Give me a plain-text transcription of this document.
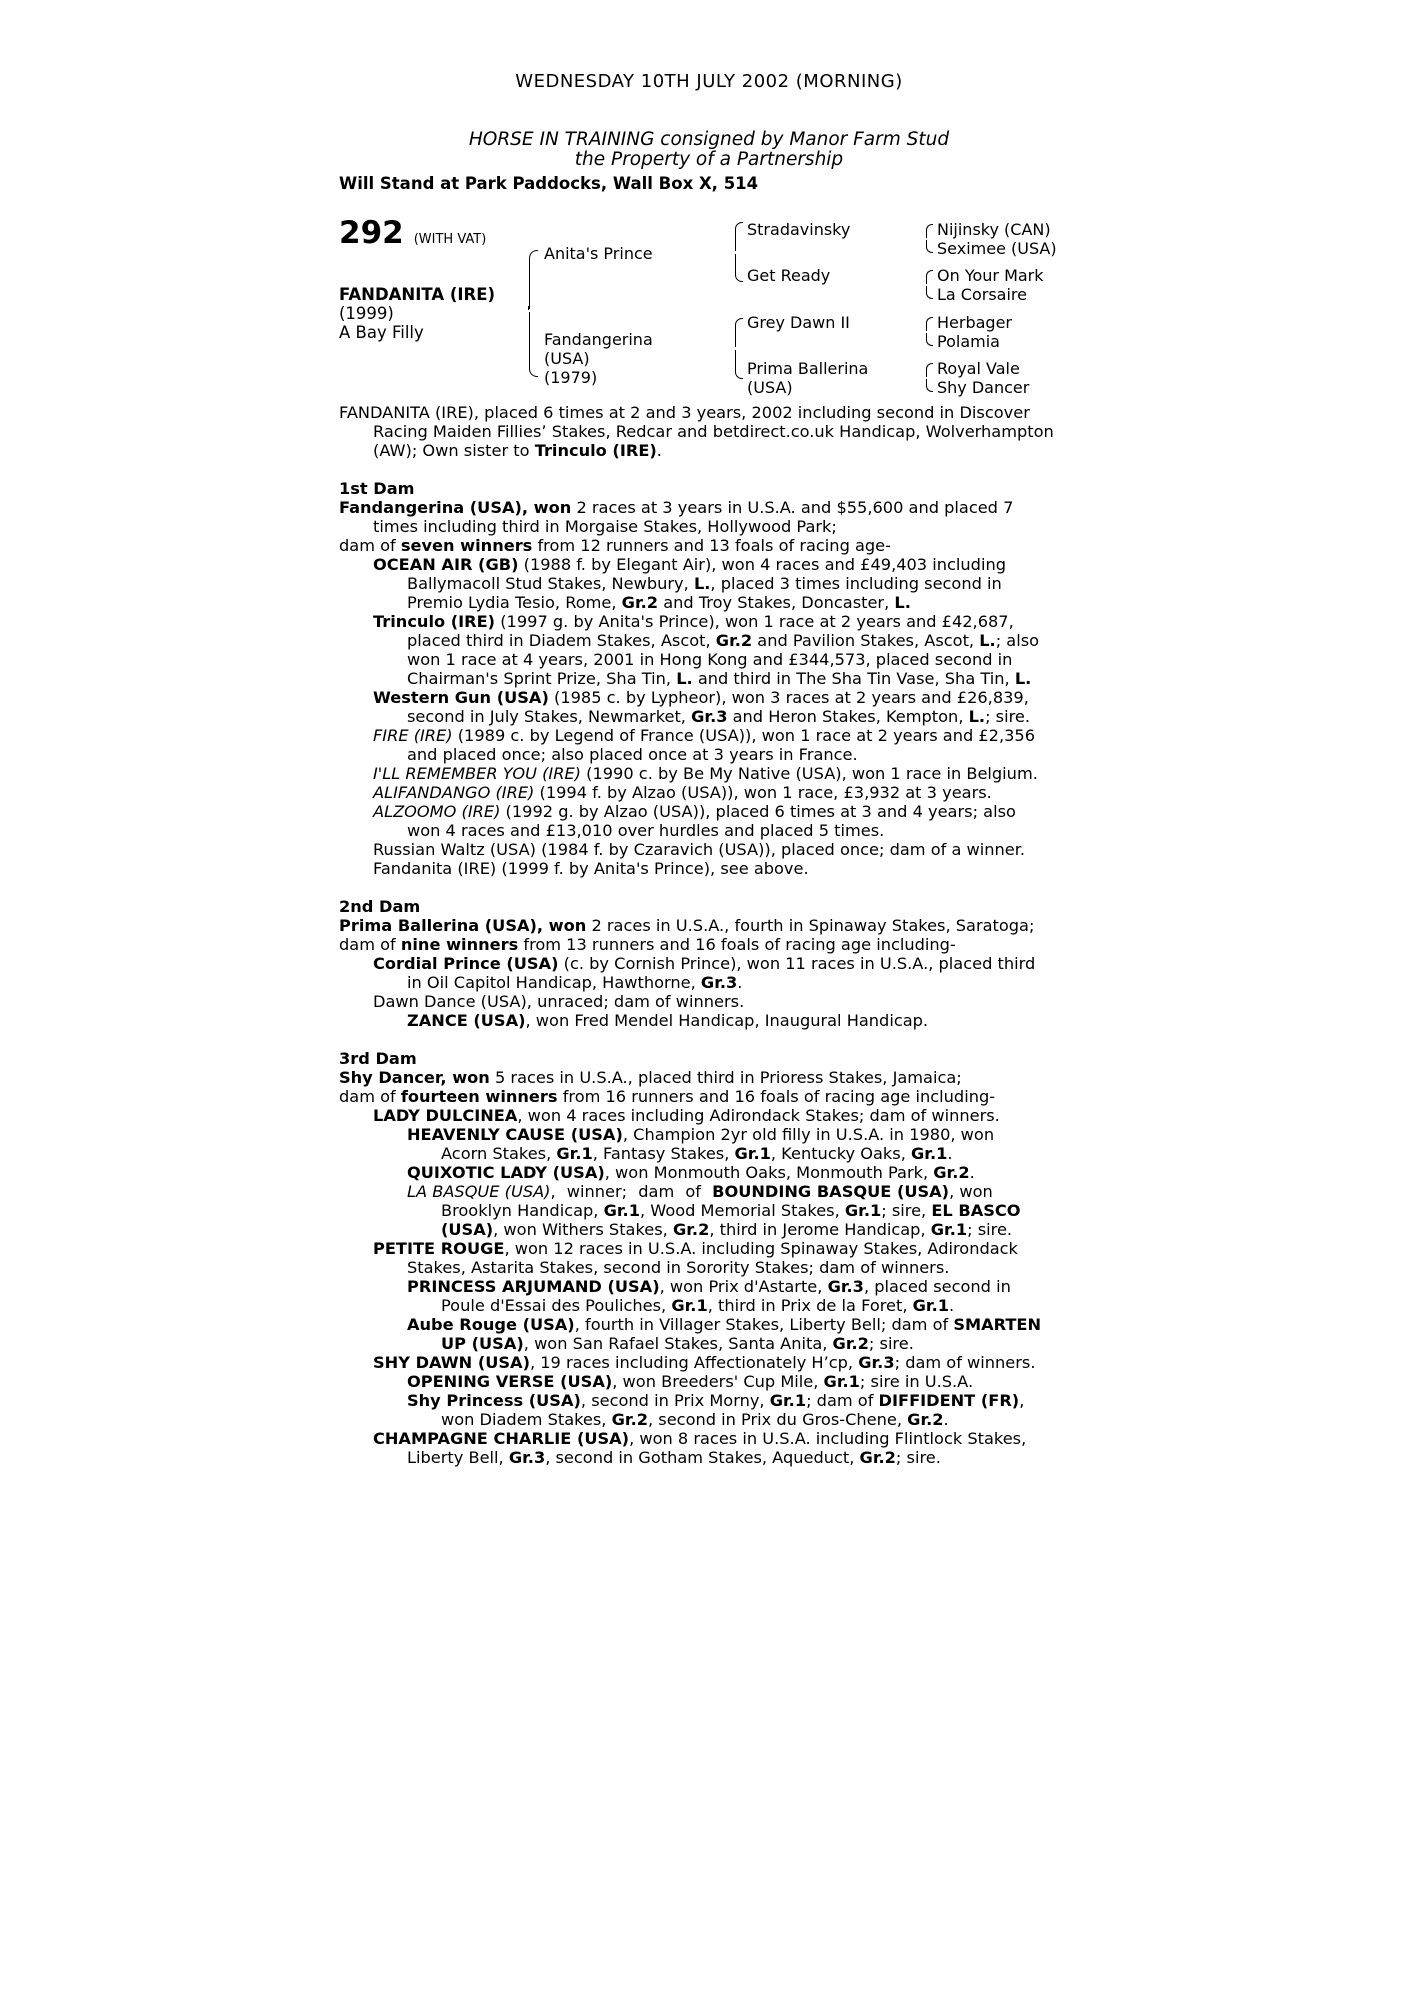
WEDNESDAY 10TH JULY 2002 (MORNING)
HORSE IN TRAINING consigned by Manor Farm Stud
the Property of a Partnership
Will Stand at Park Paddocks, Wall Box X, 514
292 (WITH VAT)
FANDANITA (IRE)
(1999)
A Bay Filly
Anita's Prince
Fandangerina
(USA)
(1979)
Stradavinsky
Get Ready
Grey Dawn II
Prima Ballerina
(USA)
Nijinsky (CAN)
Seximee (USA)
On Your Mark
La Corsaire
Herbager
Polamia
Royal Vale
Shy Dancer
FANDANITA (IRE), placed 6 times at 2 and 3 years, 2002 including second in Discover
Racing Maiden Fillies’ Stakes, Redcar and betdirect.co.uk Handicap, Wolverhampton
(AW); Own sister to Trinculo (IRE).
1st Dam
Fandangerina (USA), won 2 races at 3 years in U.S.A. and $55,600 and placed 7
times including third in Morgaise Stakes, Hollywood Park;
dam of seven winners from 12 runners and 13 foals of racing age-
OCEAN AIR (GB) (1988 f. by Elegant Air), won 4 races and £49,403 including
Ballymacoll Stud Stakes, Newbury, L., placed 3 times including second in
Premio Lydia Tesio, Rome, Gr.2 and Troy Stakes, Doncaster, L.
Trinculo (IRE) (1997 g. by Anita's Prince), won 1 race at 2 years and £42,687,
placed third in Diadem Stakes, Ascot, Gr.2 and Pavilion Stakes, Ascot, L.; also
won 1 race at 4 years, 2001 in Hong Kong and £344,573, placed second in
Chairman's Sprint Prize, Sha Tin, L. and third in The Sha Tin Vase, Sha Tin, L.
Western Gun (USA) (1985 c. by Lypheor), won 3 races at 2 years and £26,839,
second in July Stakes, Newmarket, Gr.3 and Heron Stakes, Kempton, L.; sire.
FIRE (IRE) (1989 c. by Legend of France (USA)), won 1 race at 2 years and £2,356
and placed once; also placed once at 3 years in France.
I'LL REMEMBER YOU (IRE) (1990 c. by Be My Native (USA), won 1 race in Belgium.
ALIFANDANGO (IRE) (1994 f. by Alzao (USA)), won 1 race, £3,932 at 3 years.
ALZOOMO (IRE) (1992 g. by Alzao (USA)), placed 6 times at 3 and 4 years; also
won 4 races and £13,010 over hurdles and placed 5 times.
Russian Waltz (USA) (1984 f. by Czaravich (USA)), placed once; dam of a winner.
Fandanita (IRE) (1999 f. by Anita's Prince), see above.
2nd Dam
Prima Ballerina (USA), won 2 races in U.S.A., fourth in Spinaway Stakes, Saratoga;
dam of nine winners from 13 runners and 16 foals of racing age including-
Cordial Prince (USA) (c. by Cornish Prince), won 11 races in U.S.A., placed third
in Oil Capitol Handicap, Hawthorne, Gr.3.
Dawn Dance (USA), unraced; dam of winners.
ZANCE (USA), won Fred Mendel Handicap, Inaugural Handicap.
3rd Dam
Shy Dancer, won 5 races in U.S.A., placed third in Prioress Stakes, Jamaica;
dam of fourteen winners from 16 runners and 16 foals of racing age including-
LADY DULCINEA, won 4 races including Adirondack Stakes; dam of winners.
HEAVENLY CAUSE (USA), Champion 2yr old filly in U.S.A. in 1980, won
Acorn Stakes, Gr.1, Fantasy Stakes, Gr.1, Kentucky Oaks, Gr.1.
QUIXOTIC LADY (USA), won Monmouth Oaks, Monmouth Park, Gr.2.
LA BASQUE (USA), winner; dam of BOUNDING BASQUE (USA), won
Brooklyn Handicap, Gr.1, Wood Memorial Stakes, Gr.1; sire, EL BASCO
(USA), won Withers Stakes, Gr.2, third in Jerome Handicap, Gr.1; sire.
PETITE ROUGE, won 12 races in U.S.A. including Spinaway Stakes, Adirondack
Stakes, Astarita Stakes, second in Sorority Stakes; dam of winners.
PRINCESS ARJUMAND (USA), won Prix d'Astarte, Gr.3, placed second in
Poule d'Essai des Pouliches, Gr.1, third in Prix de la Foret, Gr.1.
Aube Rouge (USA), fourth in Villager Stakes, Liberty Bell; dam of SMARTEN
UP (USA), won San Rafael Stakes, Santa Anita, Gr.2; sire.
SHY DAWN (USA), 19 races including Affectionately H’cp, Gr.3; dam of winners.
OPENING VERSE (USA), won Breeders' Cup Mile, Gr.1; sire in U.S.A.
Shy Princess (USA), second in Prix Morny, Gr.1; dam of DIFFIDENT (FR),
won Diadem Stakes, Gr.2, second in Prix du Gros-Chene, Gr.2.
CHAMPAGNE CHARLIE (USA), won 8 races in U.S.A. including Flintlock Stakes,
Liberty Bell, Gr.3, second in Gotham Stakes, Aqueduct, Gr.2; sire.
